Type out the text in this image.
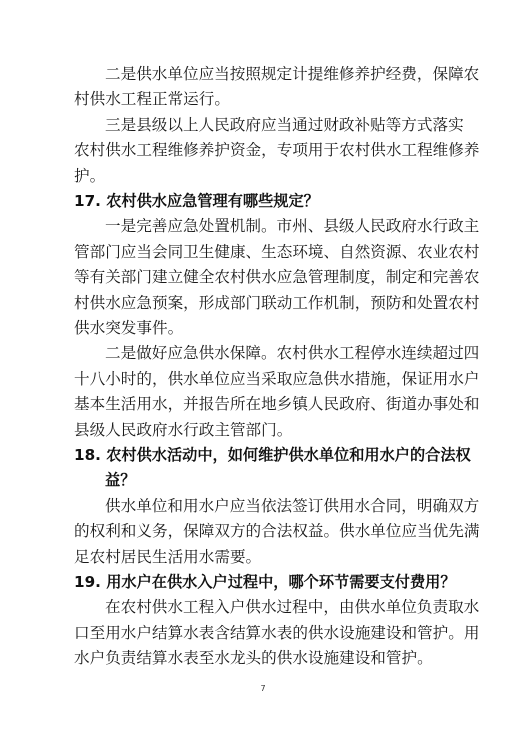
二是供水单位应当按照规定计提维修养护经费，保障农
村供水工程正常运行。
三是县级以上人民政府应当通过财政补贴等方式落实
农村供水工程维修养护资金，专项用于农村供水工程维修养
护。
17. 农村供水应急管理有哪些规定？
一是完善应急处置机制。市州、县级人民政府水行政主
管部门应当会同卫生健康、生态环境、自然资源、农业农村
等有关部门建立健全农村供水应急管理制度，制定和完善农
村供水应急预案，形成部门联动工作机制，预防和处置农村
供水突发事件。
二是做好应急供水保障。农村供水工程停水连续超过四
十八小时的，供水单位应当采取应急供水措施，保证用水户
基本生活用水，并报告所在地乡镇人民政府、街道办事处和
县级人民政府水行政主管部门。
18. 农村供水活动中，如何维护供水单位和用水户的合法权
益？
供水单位和用水户应当依法签订供用水合同，明确双方
的权利和义务，保障双方的合法权益。供水单位应当优先满
足农村居民生活用水需要。
19. 用水户在供水入户过程中，哪个环节需要支付费用？
在农村供水工程入户供水过程中，由供水单位负责取水
口至用水户结算水表含结算水表的供水设施建设和管护。用
水户负责结算水表至水龙头的供水设施建设和管护。
7
